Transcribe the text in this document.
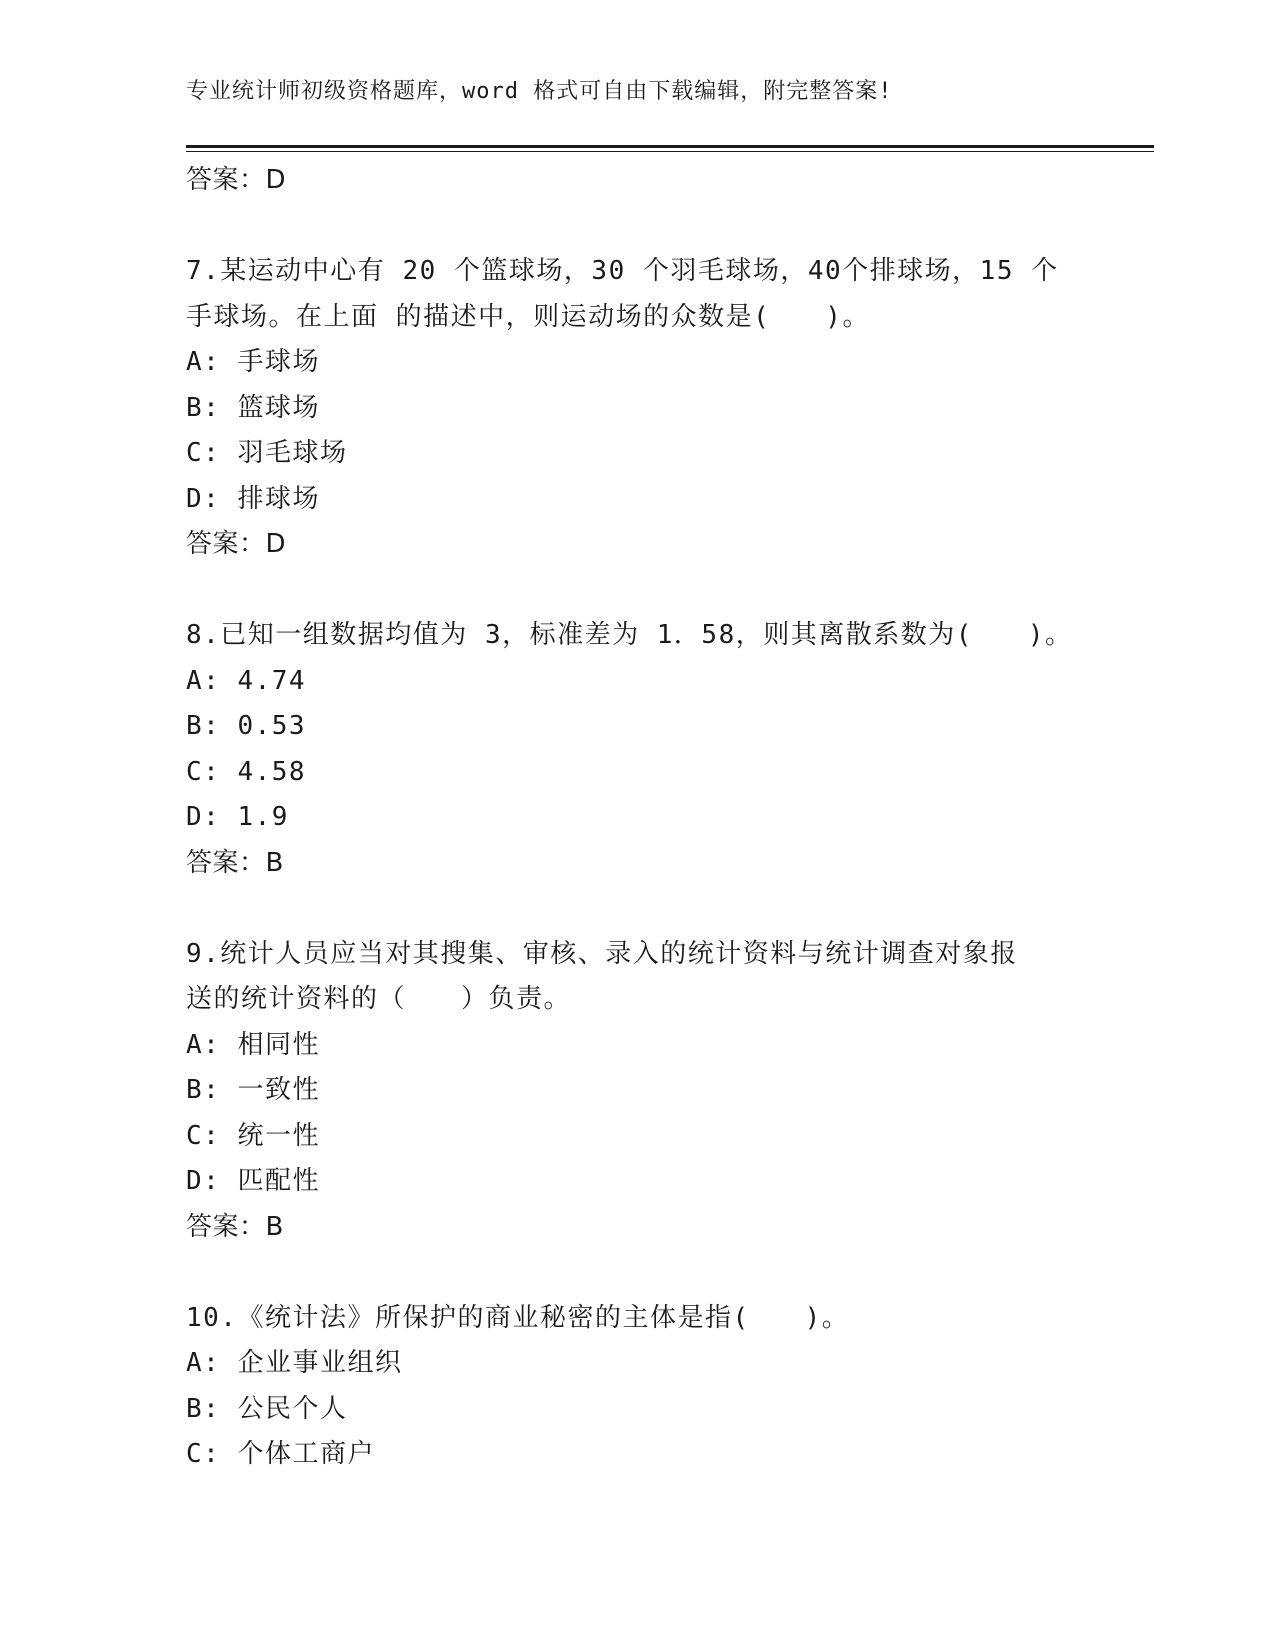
专业统计师初级资格题库，word 格式可自由下载编辑，附完整答案!
答案：D
7.某运动中心有 20 个篮球场，30 个羽毛球场，40个排球场，15 个
手球场。在上面 的描述中，则运动场的众数是(　　)。
A: 手球场
B: 篮球场
C: 羽毛球场
D: 排球场
答案：D
8.已知一组数据均值为 3，标准差为 1．58，则其离散系数为(　　)。
A: 4.74
B: 0.53
C: 4.58
D: 1.9
答案：B
9.统计人员应当对其搜集、审核、录入的统计资料与统计调查对象报
送的统计资料的（　　）负责。
A: 相同性
B: 一致性
C: 统一性
D: 匹配性
答案：B
10.《统计法》所保护的商业秘密的主体是指(　　)。
A: 企业事业组织
B: 公民个人
C: 个体工商户
